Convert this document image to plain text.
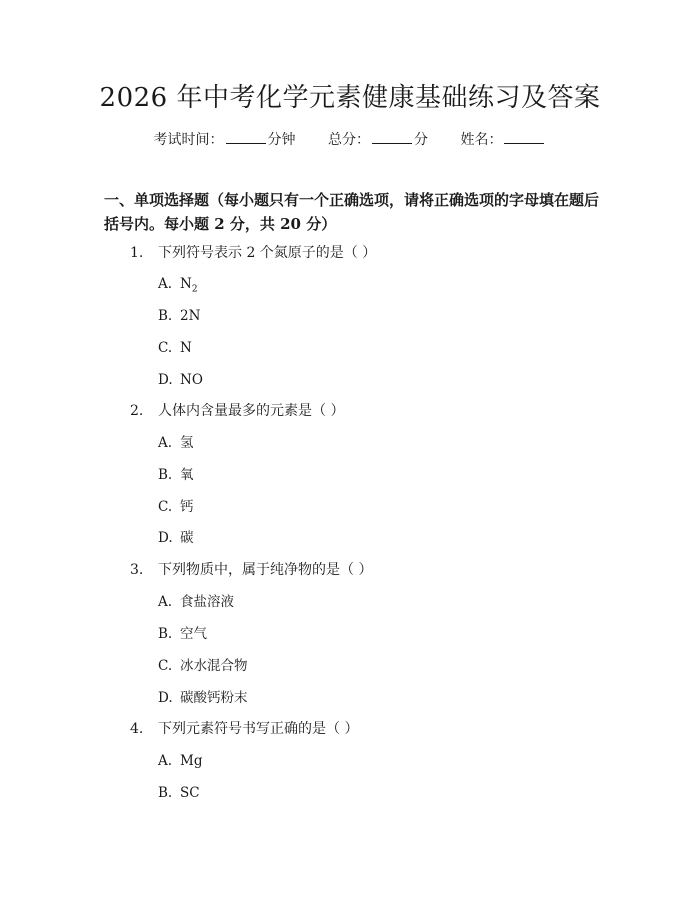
2026 年中考化学元素健康基础练习及答案
考试时间：	分钟 总分：	分 姓名：
一、单项选择题（每小题只有一个正确选项，请将正确选项的字母填在题后括号内。每小题 2 分，共 20 分）
1. 下列符号表示 2 个氮原子的是（ ）
A. $N_2$
B. 2N
C. N
D. NO
2. 人体内含量最多的元素是（ ）
A. 氢
B. 氧
C. 钙
D. 碳
3. 下列物质中，属于纯净物的是（ ）
A. 食盐溶液
B. 空气
C. 冰水混合物
D. 碳酸钙粉末
4. 下列元素符号书写正确的是（ ）
A. Mg
B. SC
